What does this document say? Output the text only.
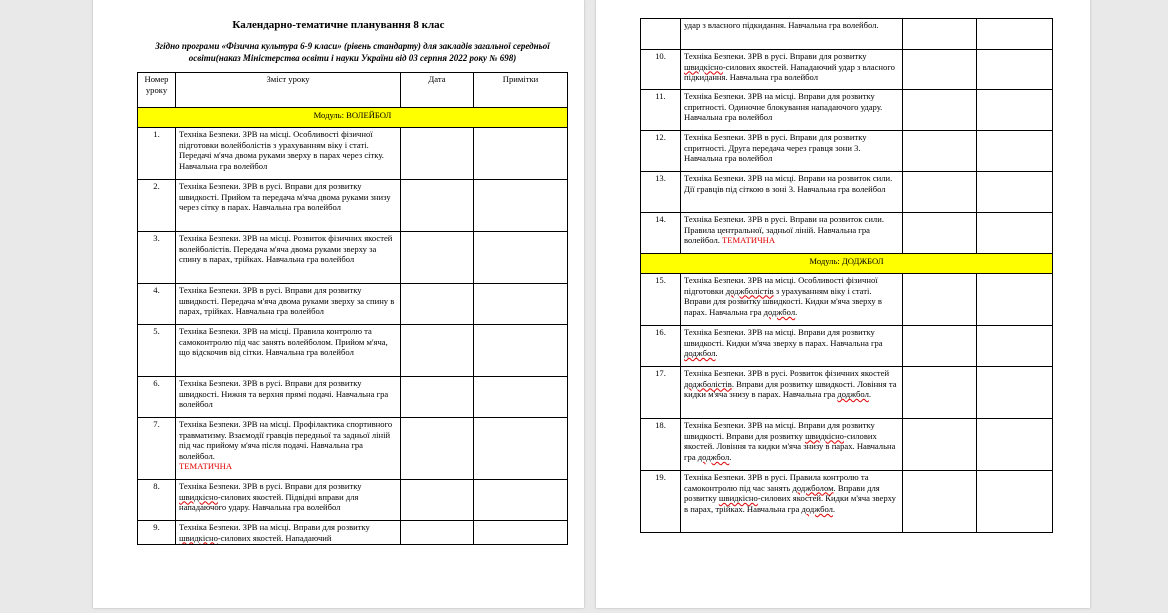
Календарно-тематичне планування 8 клас
Згідно програми «Фізична культура 6-9 класи» (рівень стандарту) для закладів загальної середньої освіти(наказ Міністерства освіти і науки України від 03 серпня 2022 року № 698)
Номер уроку	Зміст уроку	Дата	Примітки
Модуль: ВОЛЕЙБОЛ			
1.	Техніка Безпеки. ЗРВ на місці. Особливості фізичної підготовки волейболістів з урахуванням віку і статі. Передачі м'яча двома руками зверху в парах через сітку. Навчальна гра волейбол		
2.	Техніка Безпеки. ЗРВ в русі. Вправи для розвитку швидкості. Прийом та передача м'яча двома руками знизу через сітку в парах. Навчальна гра волейбол		
3.	Техніка Безпеки. ЗРВ на місці. Розвиток фізичних якостей волейболістів. Передача м'яча двома руками зверху за спину в парах, трійках. Навчальна гра волейбол		
4.	Техніка Безпеки. ЗРВ в русі. Вправи для розвитку швидкості. Передача м'яча двома руками зверху за спину в парах, трійках. Навчальна гра волейбол		
5.	Техніка Безпеки. ЗРВ на місці. Правила контролю та самоконтролю під час занять волейболом. Прийом м'яча, що відскочив від сітки. Навчальна гра волейбол		
6.	Техніка Безпеки. ЗРВ в русі. Вправи для розвитку швидкості. Нижня та верхня прямі подачі. Навчальна гра волейбол		
7.	Техніка Безпеки. ЗРВ на місці. Профілактика спортивного травматизму. Взаємодії гравців передньої та задньої ліній під час прийому м'яча після подачі. Навчальна гра волейбол.
ТЕМАТИЧНА		
8.	Техніка Безпеки. ЗРВ в русі. Вправи для розвитку швидкісно-силових якостей. Підвідні вправи для нападаючого удару. Навчальна гра волейбол		
9.	Техніка Безпеки. ЗРВ на місці. Вправи для розвитку швидкісно-силових якостей. Нападаючий		
	удар з власного підкидання. Навчальна гра волейбол.		
10.	Техніка Безпеки. ЗРВ в русі. Вправи для розвитку швидкісно-силових якостей. Нападаючий удар з власного підкидання. Навчальна гра волейбол		
11.	Техніка Безпеки. ЗРВ на місці. Вправи для розвитку спритності. Одиночне блокування нападаючого удару. Навчальна гра волейбол		
12.	Техніка Безпеки. ЗРВ в русі. Вправи для розвитку спритності. Друга передача через гравця зони 3. Навчальна гра волейбол		
13.	Техніка Безпеки. ЗРВ на місці. Вправи на розвиток сили. Дії гравців під сіткою в зоні 3. Навчальна гра волейбол		
14.	Техніка Безпеки. ЗРВ в русі. Вправи на розвиток сили. Правила центральної, задньої ліній. Навчальна гра волейбол. ТЕМАТИЧНА		
Модуль: ДОДЖБОЛ			
15.	Техніка Безпеки. ЗРВ на місці. Особливості фізичної підготовки доджболістів з урахуванням віку і статі. Вправи для розвитку швидкості. Кидки м'яча зверху в парах. Навчальна гра доджбол.		
16.	Техніка Безпеки. ЗРВ на місці. Вправи для розвитку швидкості. Кидки м'яча зверху в парах. Навчальна гра доджбол.		
17.	Техніка Безпеки. ЗРВ в русі. Розвиток фізичних якостей доджболістів. Вправи для розвитку швидкості. Ловіння та кидки м'яча знизу в парах. Навчальна гра доджбол.		
18.	Техніка Безпеки. ЗРВ на місці. Вправи для розвитку швидкості. Вправи для розвитку швидкісно-силових якостей. Ловіння та кидки м'яча знизу в парах. Навчальна гра доджбол.		
19.	Техніка Безпеки. ЗРВ в русі. Правила контролю та самоконтролю під час занять доджболом. Вправи для розвитку швидкісно-силових якостей. Кидки м'яча зверху в парах, трійках. Навчальна гра доджбол.		
